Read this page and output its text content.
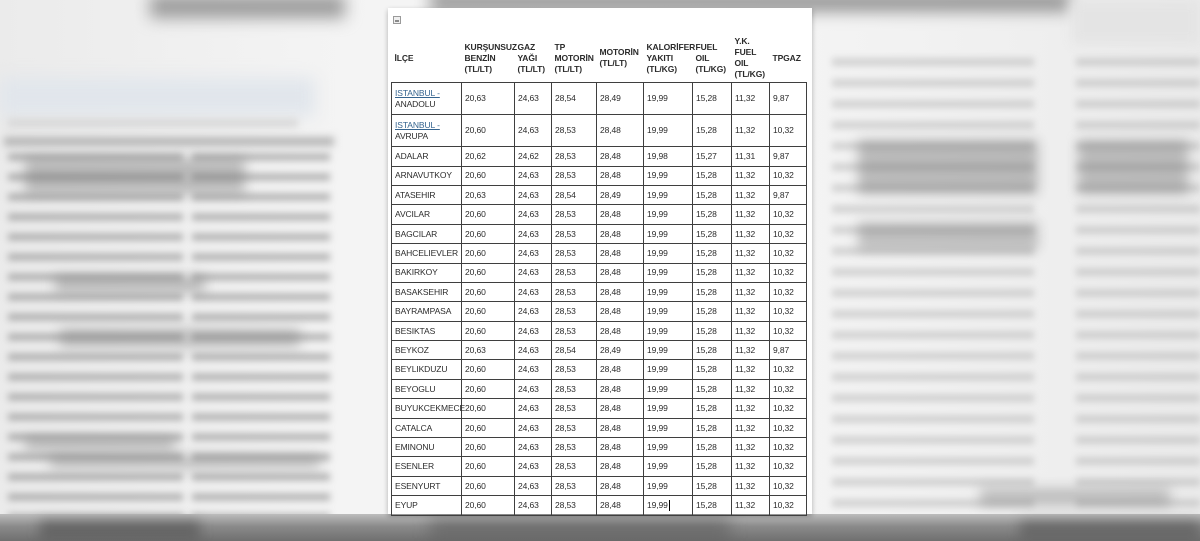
İLÇE	KURŞUNSUZ BENZİN (TL/LT)	GAZ YAĞI (TL/LT)	TP MOTORİN (TL/LT)	MOTORİN (TL/LT)	KALORİFER YAKITI (TL/KG)	FUEL OIL (TL/KG)	Y.K. FUEL OIL (TL/KG)	TPGAZ

ISTANBUL -
ANADOLU	20,63	24,63	28,54	28,49	19,99	15,28	11,32	9,87

ISTANBUL -
AVRUPA	20,60	24,63	28,53	28,48	19,99	15,28	11,32	10,32
ADALAR	20,62	24,62	28,53	28,48	19,98	15,27	11,31	9,87
ARNAVUTKOY	20,60	24,63	28,53	28,48	19,99	15,28	11,32	10,32
ATASEHIR	20,63	24,63	28,54	28,49	19,99	15,28	11,32	9,87
AVCILAR	20,60	24,63	28,53	28,48	19,99	15,28	11,32	10,32
BAGCILAR	20,60	24,63	28,53	28,48	19,99	15,28	11,32	10,32
BAHCELIEVLER	20,60	24,63	28,53	28,48	19,99	15,28	11,32	10,32
BAKIRKOY	20,60	24,63	28,53	28,48	19,99	15,28	11,32	10,32
BASAKSEHIR	20,60	24,63	28,53	28,48	19,99	15,28	11,32	10,32
BAYRAMPASA	20,60	24,63	28,53	28,48	19,99	15,28	11,32	10,32
BESIKTAS	20,60	24,63	28,53	28,48	19,99	15,28	11,32	10,32
BEYKOZ	20,63	24,63	28,54	28,49	19,99	15,28	11,32	9,87
BEYLIKDUZU	20,60	24,63	28,53	28,48	19,99	15,28	11,32	10,32
BEYOGLU	20,60	24,63	28,53	28,48	19,99	15,28	11,32	10,32
BUYUKCEKMECE	20,60	24,63	28,53	28,48	19,99	15,28	11,32	10,32
CATALCA	20,60	24,63	28,53	28,48	19,99	15,28	11,32	10,32
EMINONU	20,60	24,63	28,53	28,48	19,99	15,28	11,32	10,32
ESENLER	20,60	24,63	28,53	28,48	19,99	15,28	11,32	10,32
ESENYURT	20,60	24,63	28,53	28,48	19,99	15,28	11,32	10,32
EYUP	20,60	24,63	28,53	28,48	19,99	15,28	11,32	10,32
